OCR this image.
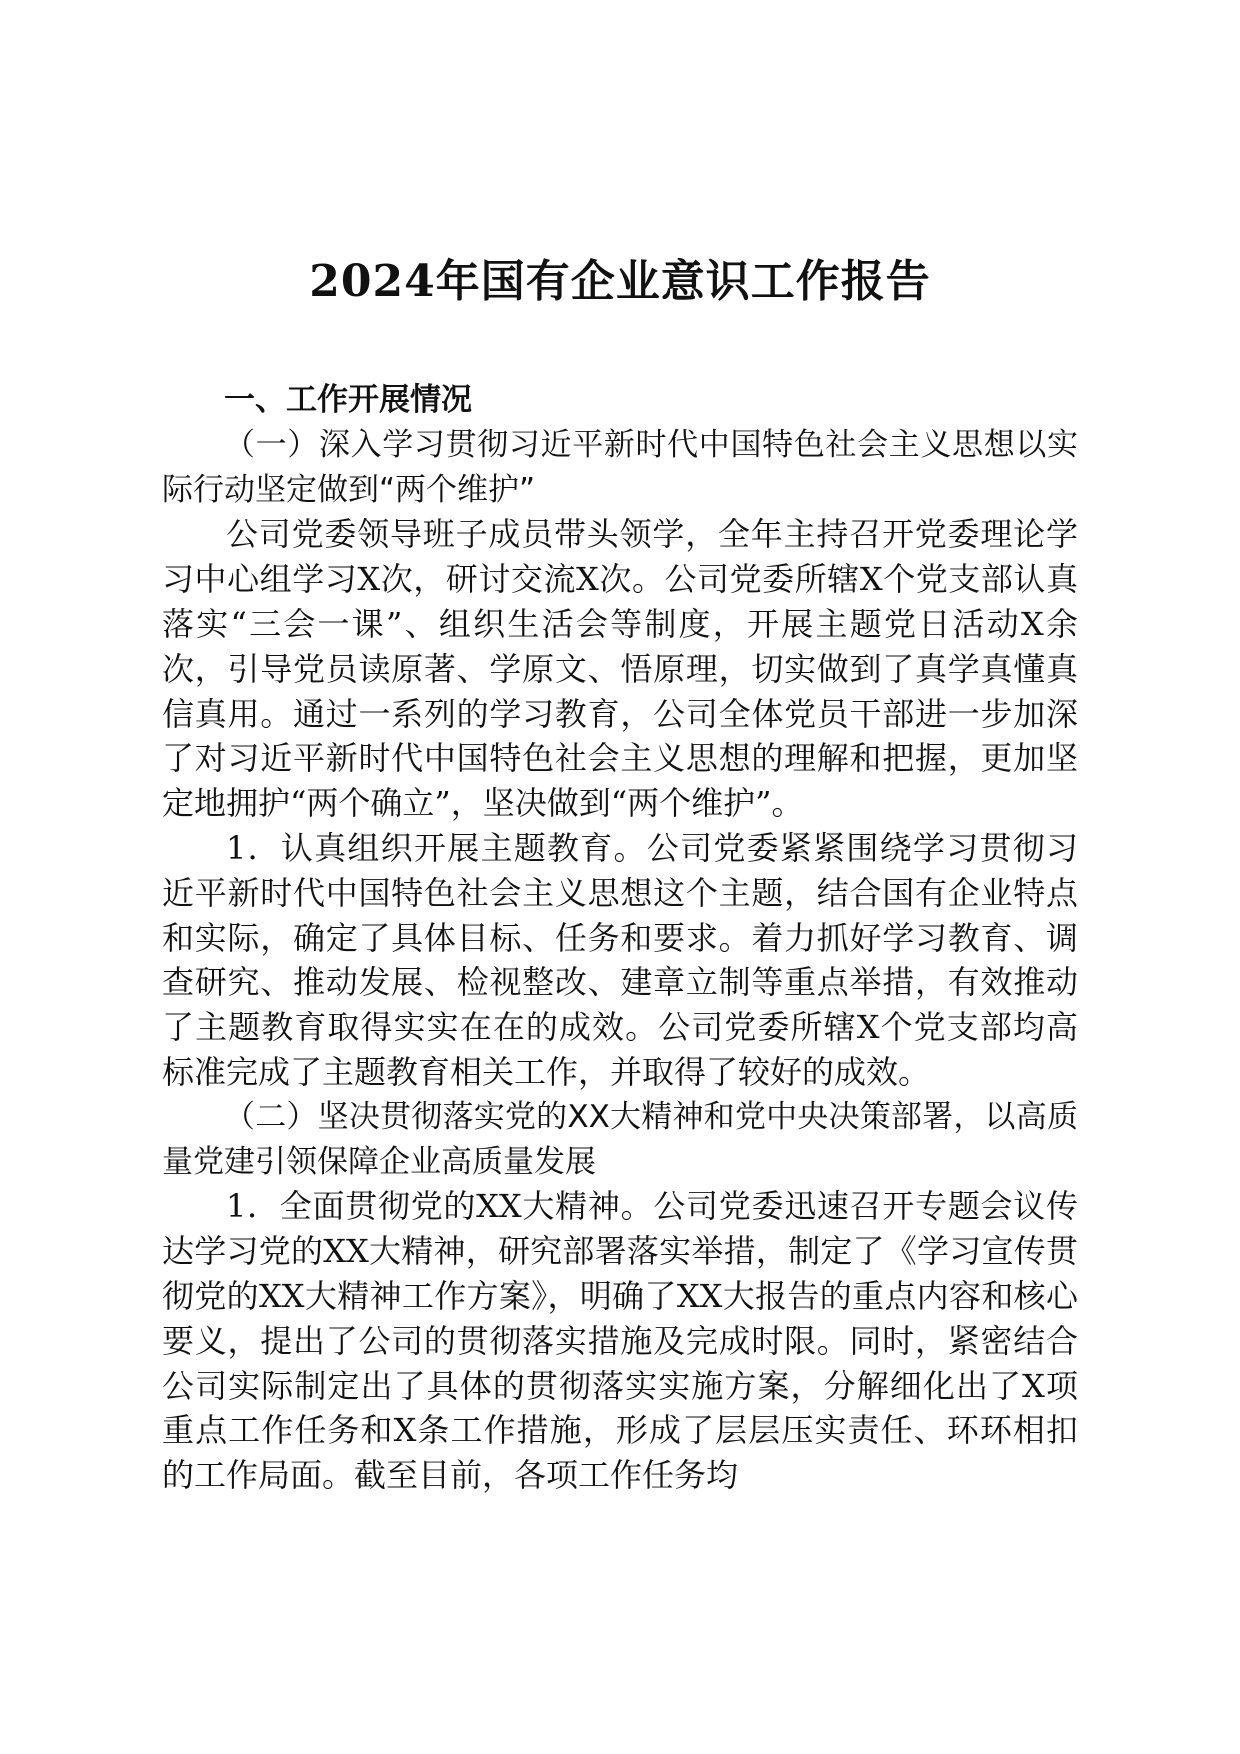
2024年国有企业意识工作报告

一、工作开展情况

（一）深入学习贯彻习近平新时代中国特色社会主义思想以实际行动坚定做到“两个维护”

公司党委领导班子成员带头领学，全年主持召开党委理论学习中心组学习X次，研讨交流X次。公司党委所辖X个党支部认真落实“三会一课”、组织生活会等制度，开展主题党日活动X余次，引导党员读原著、学原文、悟原理，切实做到了真学真懂真信真用。通过一系列的学习教育，公司全体党员干部进一步加深了对习近平新时代中国特色社会主义思想的理解和把握，更加坚定地拥护“两个确立”，坚决做到“两个维护”。

1．认真组织开展主题教育。公司党委紧紧围绕学习贯彻习近平新时代中国特色社会主义思想这个主题，结合国有企业特点和实际，确定了具体目标、任务和要求。着力抓好学习教育、调查研究、推动发展、检视整改、建章立制等重点举措，有效推动了主题教育取得实实在在的成效。公司党委所辖X个党支部均高标准完成了主题教育相关工作，并取得了较好的成效。

（二）坚决贯彻落实党的XX大精神和党中央决策部署，以高质量党建引领保障企业高质量发展

1．全面贯彻党的XX大精神。公司党委迅速召开专题会议传达学习党的XX大精神，研究部署落实举措，制定了《学习宣传贯彻党的XX大精神工作方案》，明确了XX大报告的重点内容和核心要义，提出了公司的贯彻落实措施及完成时限。同时，紧密结合公司实际制定出了具体的贯彻落实实施方案，分解细化出了X项重点工作任务和X条工作措施，形成了层层压实责任、环环相扣的工作局面。截至目前，各项工作任务均
